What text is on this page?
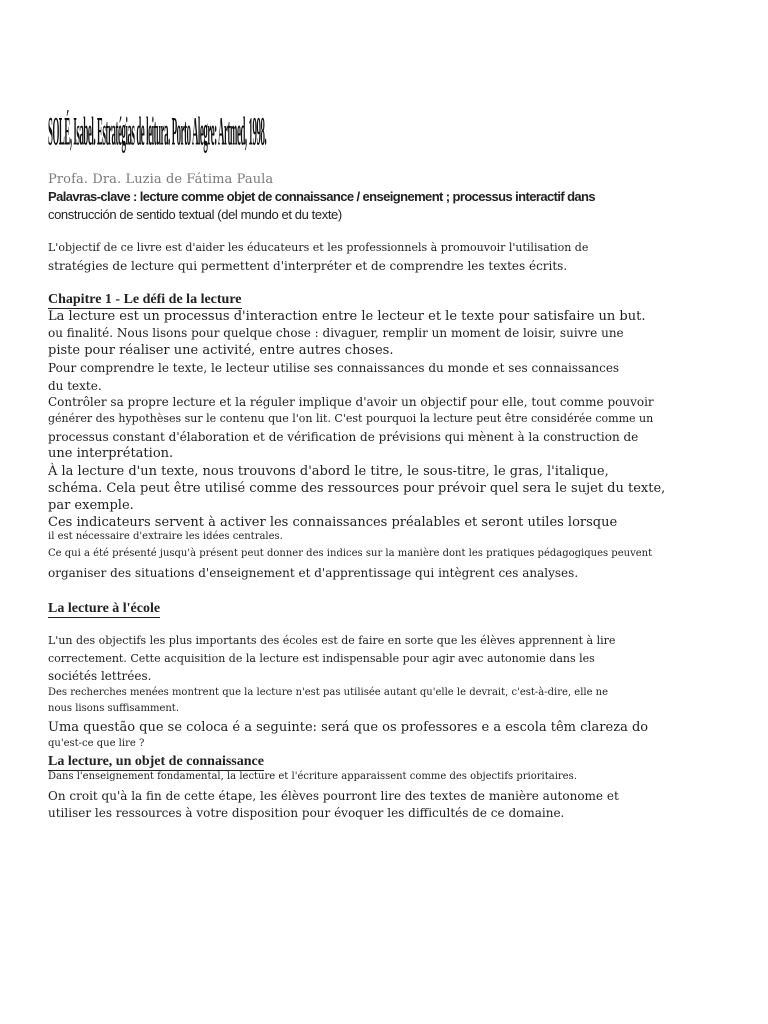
SOLÉ, Isabel. Estratégias de leitura. Porto Alegre: Artmed, 1998.
Profa. Dra. Luzia de Fátima Paula
Palavras-clave : lecture comme objet de connaissance / enseignement ; processus interactif dans
construcción de sentido textual (del mundo et du texte)
L'objectif de ce livre est d'aider les éducateurs et les professionnels à promouvoir l'utilisation de
stratégies de lecture qui permettent d'interpréter et de comprendre les textes écrits.
Chapitre 1 - Le défi de la lecture
La lecture est un processus d'interaction entre le lecteur et le texte pour satisfaire un but.
ou finalité. Nous lisons pour quelque chose : divaguer, remplir un moment de loisir, suivre une
piste pour réaliser une activité, entre autres choses.
Pour comprendre le texte, le lecteur utilise ses connaissances du monde et ses connaissances
du texte.
Contrôler sa propre lecture et la réguler implique d'avoir un objectif pour elle, tout comme pouvoir
générer des hypothèses sur le contenu que l'on lit. C'est pourquoi la lecture peut être considérée comme un
processus constant d'élaboration et de vérification de prévisions qui mènent à la construction de
une interprétation.
À la lecture d'un texte, nous trouvons d'abord le titre, le sous-titre, le gras, l'italique,
schéma. Cela peut être utilisé comme des ressources pour prévoir quel sera le sujet du texte,
par exemple.
Ces indicateurs servent à activer les connaissances préalables et seront utiles lorsque
il est nécessaire d'extraire les idées centrales.
Ce qui a été présenté jusqu'à présent peut donner des indices sur la manière dont les pratiques pédagogiques peuvent
organiser des situations d'enseignement et d'apprentissage qui intègrent ces analyses.
La lecture à l'école
L'un des objectifs les plus importants des écoles est de faire en sorte que les élèves apprennent à lire
correctement. Cette acquisition de la lecture est indispensable pour agir avec autonomie dans les
sociétés lettrées.
Des recherches menées montrent que la lecture n'est pas utilisée autant qu'elle le devrait, c'est-à-dire, elle ne
nous lisons suffisamment.
Uma questão que se coloca é a seguinte: será que os professores e a escola têm clareza do
qu'est-ce que lire ?
La lecture, un objet de connaissance
Dans l'enseignement fondamental, la lecture et l'écriture apparaissent comme des objectifs prioritaires.
On croit qu'à la fin de cette étape, les élèves pourront lire des textes de manière autonome et
utiliser les ressources à votre disposition pour évoquer les difficultés de ce domaine.
